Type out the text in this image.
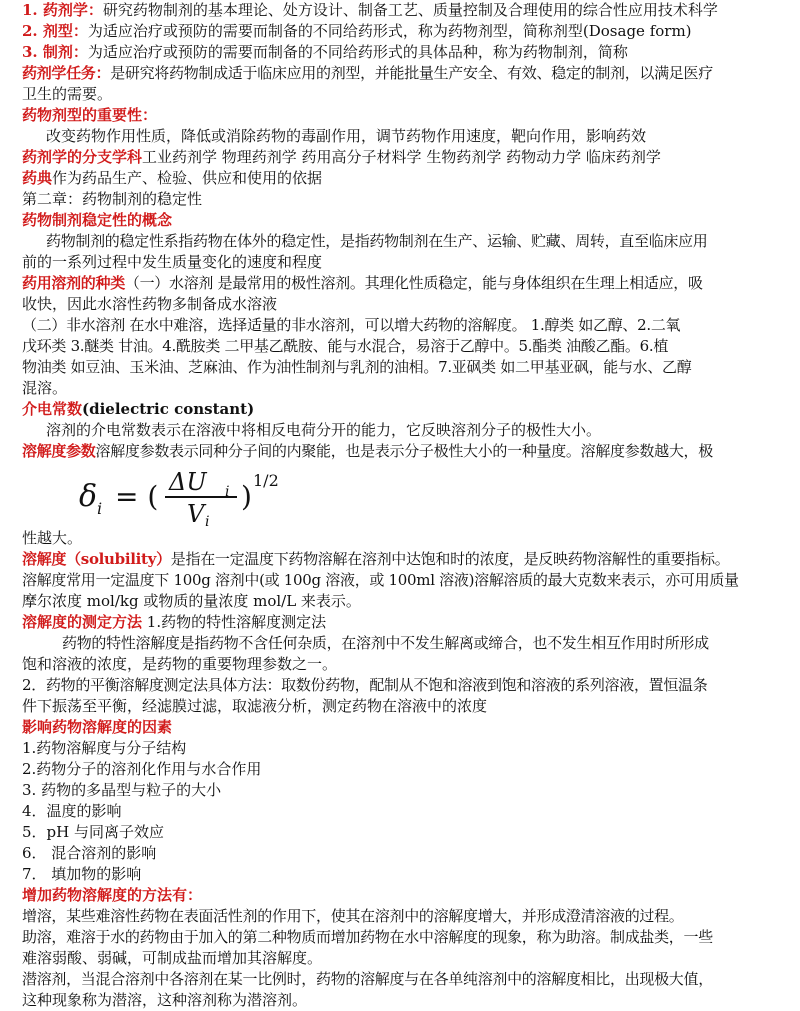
1. 药剂学：研究药物制剂的基本理论、处方设计、制备工艺、质量控制及合理使用的综合性应用技术科学
2. 剂型：为适应治疗或预防的需要而制备的不同给药形式，称为药物剂型，简称剂型(Dosage form)
3. 制剂：为适应治疗或预防的需要而制备的不同给药形式的具体品种，称为药物制剂，简称
药剂学任务：是研究将药物制成适于临床应用的剂型，并能批量生产安全、有效、稳定的制剂，以满足医疗
卫生的需要。
药物剂型的重要性：
改变药物作用性质，降低或消除药物的毒副作用，调节药物作用速度，靶向作用，影响药效
药剂学的分支学科工业药剂学 物理药剂学 药用高分子材料学 生物药剂学 药物动力学 临床药剂学
药典作为药品生产、检验、供应和使用的依据
第二章：药物制剂的稳定性
药物制剂稳定性的概念
药物制剂的稳定性系指药物在体外的稳定性，是指药物制剂在生产、运输、贮藏、周转，直至临床应用
前的一系列过程中发生质量变化的速度和程度
药用溶剂的种类（一）水溶剂 是最常用的极性溶剂。其理化性质稳定，能与身体组织在生理上相适应，吸
收快，因此水溶性药物多制备成水溶液
（二）非水溶剂 在水中难溶，选择适量的非水溶剂，可以增大药物的溶解度。 1.醇类 如乙醇、2.二氧
戊环类 3.醚类 甘油。4.酰胺类 二甲基乙酰胺、能与水混合，易溶于乙醇中。5.酯类 油酸乙酯。6.植
物油类 如豆油、玉米油、芝麻油、作为油性制剂与乳剂的油相。7.亚砜类 如二甲基亚砜，能与水、乙醇
混溶。
介电常数(dielectric constant)
溶剂的介电常数表示在溶液中将相反电荷分开的能力，它反映溶剂分子的极性大小。
溶解度参数溶解度参数表示同种分子间的内聚能，也是表示分子极性大小的一种量度。溶解度参数越大，极
δ i = ( ΔU i
V i
) 1/2
性越大。
溶解度（solubility）是指在一定温度下药物溶解在溶剂中达饱和时的浓度，是反映药物溶解性的重要指标。
溶解度常用一定温度下 100g 溶剂中(或 100g 溶液，或 100ml 溶液)溶解溶质的最大克数来表示，亦可用质量
摩尔浓度 mol/kg 或物质的量浓度 mol/L 来表示。
溶解度的测定方法 1.药物的特性溶解度测定法
药物的特性溶解度是指药物不含任何杂质，在溶剂中不发生解离或缔合，也不发生相互作用时所形成
饱和溶液的浓度，是药物的重要物理参数之一。
2．药物的平衡溶解度测定法具体方法：取数份药物，配制从不饱和溶液到饱和溶液的系列溶液，置恒温条
件下振荡至平衡，经滤膜过滤，取滤液分析，测定药物在溶液中的浓度
影响药物溶解度的因素
1.药物溶解度与分子结构
2.药物分子的溶剂化作用与水合作用
3. 药物的多晶型与粒子的大小
4．温度的影响
5．pH 与同离子效应
6． 混合溶剂的影响
7． 填加物的影响
增加药物溶解度的方法有：
增溶，某些难溶性药物在表面活性剂的作用下，使其在溶剂中的溶解度增大，并形成澄清溶液的过程。
助溶，难溶于水的药物由于加入的第二种物质而增加药物在水中溶解度的现象，称为助溶。制成盐类，一些
难溶弱酸、弱碱，可制成盐而增加其溶解度。
潜溶剂，当混合溶剂中各溶剂在某一比例时，药物的溶解度与在各单纯溶剂中的溶解度相比，出现极大值，
这种现象称为潜溶，这种溶剂称为潜溶剂。
